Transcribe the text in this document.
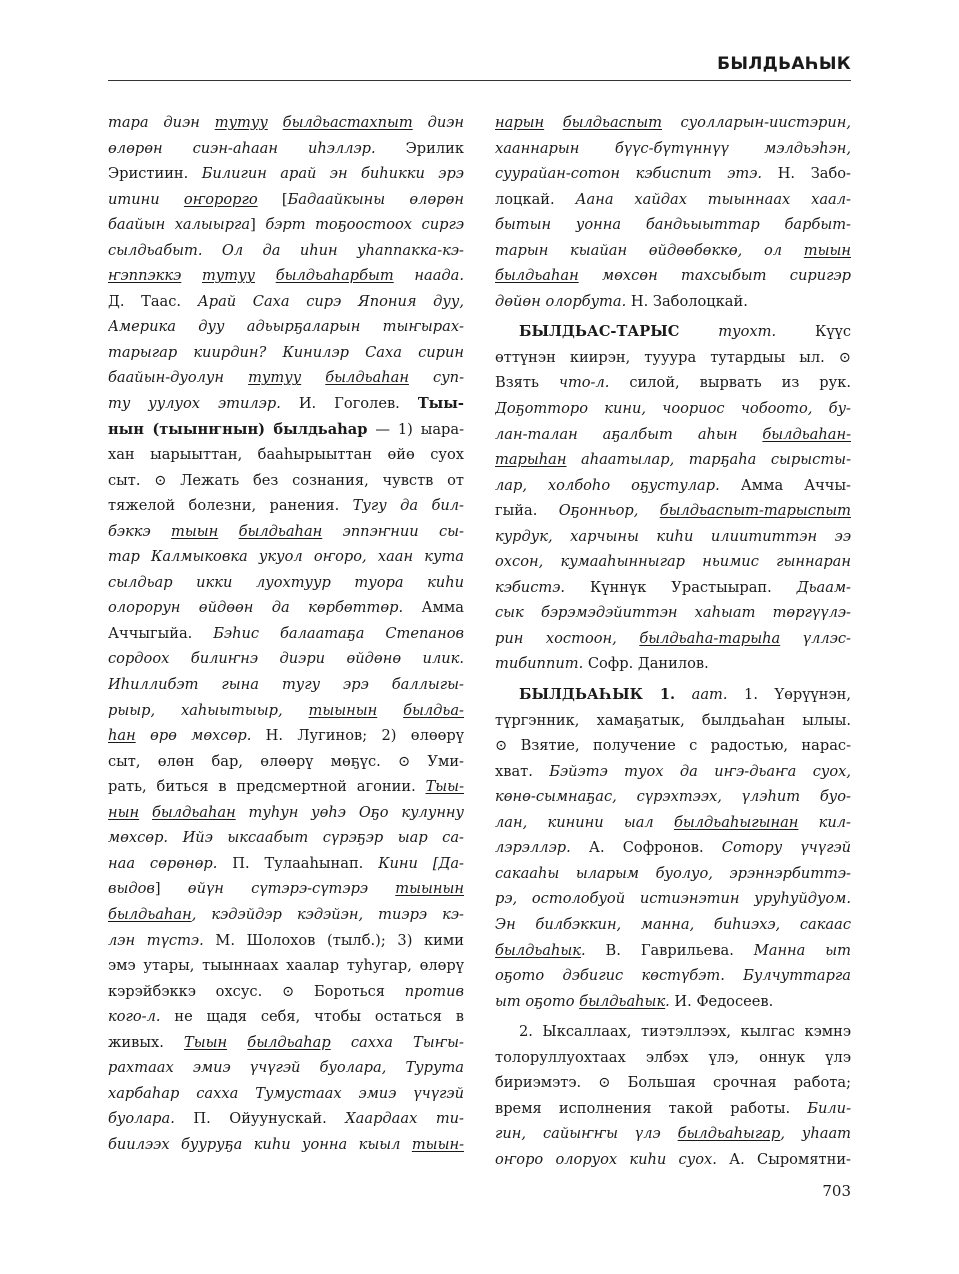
БЫЛДЬАҺЫК
тара диэн тутуу былдьастахпыт диэн
өлөрөн сиэн-аһаан иһэллэр. Эрилик
Эристиин. Билигин арай эн биһикки эрэ
итини оҥорорго [Бадаайкыны өлөрөн
баайын халыырга] бэрт тоҕоостоох сиргэ
сылдьабыт. Ол да иһин уһаппакка-кэ-
ҥэппэккэ тутуу былдьаһарбыт наада.
Д. Таас. Арай Саха сирэ Япония дуу,
Америка дуу адьырҕаларын тыҥырах-
тарыгар киирдин? Кинилэр Саха сирин
баайын-дуолун тутуу былдьаһан суп-
ту уулуох этилэр. И. Гоголев. Тыы-
нын (тыынҥнын) былдьаһар — 1) ыара-
хан ыарыыттан, бааһырыыттан өйө суох
сыт. ⊙ Лежать без сознания, чувств от
тяжелой болезни, ранения. Тугу да бил-
бэккэ тыын былдьаһан эппэҥнии сы-
тар Калмыковка укуол оҥоро, хаан кута
сылдьар икки луохтуур туора киһи
олорорун өйдөөн да көрбөттөр. Амма
Аччыгыйа. Бэһис балаатаҕа Степанов
сордоох билиҥнэ диэри өйдөнө илик.
Иһиллибэт гына тугу эрэ баллыгы-
рыыр, хаһыытыыр, тыынын былдьа-
һан өрө мөхсөр. Н. Лугинов; 2) өлөөрү
сыт, өлөн бар, өлөөрү мөҕүс. ⊙ Уми-
рать, биться в предсмертной агонии. Тыы-
нын былдьаһан туһун уөһэ Оҕо кулунну
мөхсөр. Ийэ ыксаабыт сүрэҕэр ыар са-
наа сөрөнөр. П. Тулааһынап. Кини [Да-
выдов] өйүн сүтэрэ-сүтэрэ тыынын
былдьаһан, кэдэйдэр кэдэйэн, тиэрэ кэ-
лэн түстэ. М. Шолохов (тылб.); 3) кими
эмэ утары, тыыннаах хаалар туһугар, өлөрү
кэрэйбэккэ охсус. ⊙ Бороться против
кого-л. не щадя себя, чтобы остаться в
живых. Тыын былдьаһар сахха Тыҥы-
рахтаах эмиэ үчүгэй буолара, Турута
харбаһар сахха Тумустаах эмиэ үчүгэй
буолара. П. Ойуунускай. Хаардаах ти-
биилээх бууруҕа киһи уонна кыыл тыын-
нарын былдьаспыт суолларын-иистэрин,
хааннарын бүүс-бүтүннүү мэлдьэһэн,
суурайан-сотон кэбиспит этэ. Н. Забо-
лоцкай. Аана хайдах тыыннаах хаал-
бытын уонна бандьыыттар барбыт-
тарын кыайан өйдөөбөккө, ол тыын
былдьаһан мөхсөн тахсыбыт сиригэр
дөйөн олорбута. Н. Заболоцкай.
БЫЛДЬАС-ТАРЫС	туохт. Күүс
өттүнэн киирэн, тууура тутардыы ыл. ⊙
Взять что-л. силой, вырвать из рук.
Доҕотторо кини, чоорuос чобоото, бу-
лан-талан аҕалбыт аһын былдьаһан-
тарыһан аһаатылар, тарҕаһа сырысты-
лар, холбоһо оҕустулар. Амма Аччы-
гыйа. Оҕонньор, былдьаспыт-тарыспыт
курдук, харчыны киһи илиититтэн ээ
охсон, кумааһынныгар ньимис гыннаран
кэбистэ. Күннүк Урастыырап. Дьаам-
сык бэрэмэдэйиттэн хаһыат төргүүлэ-
рин хостоон, былдьаһа-тарыһа үллэс-
тибиппит. Софр. Данилов.
БЫЛДЬАҺЫК 1. аат. 1. Үөрүүнэн,
түргэнник, хамаҕатык, былдьаһан ылыы.
⊙ Взятие, получение с радостью, нарас-
хват. Бэйэтэ туох да иҥэ-дьаҥа суох,
көнө-сымнаҕас, сүрэхтээх, үлэһит буо-
лан, кинини ыал былдьаһыгынан кил-
лэрэллэр. А. Софронов. Сотору үчүгэй
сакааһы ыларым буолуо, эрэннэрбиттэ-
рэ, остолобуой истиэнэтин уруһуйдуом.
Эн билбэккин, манна, биһиэхэ, сакаас
былдьаһык. В. Гаврильева. Манна ыт
оҕото дэбигис көстүбэт. Булчуттарга
ыт оҕото былдьаһык. И. Федосеев.
2. Ыксаллаах, тиэтэллээх, кылгас кэмнэ
толоруллуохтаах элбэх үлэ, оннук үлэ
бириэмэтэ. ⊙ Большая срочная работа;
время исполнения такой работы. Били-
гин, сайыҥҥы үлэ былдьаһыгар, уһаат
оҥоро олоруох киһи суох. А. Сыромятни-
703
